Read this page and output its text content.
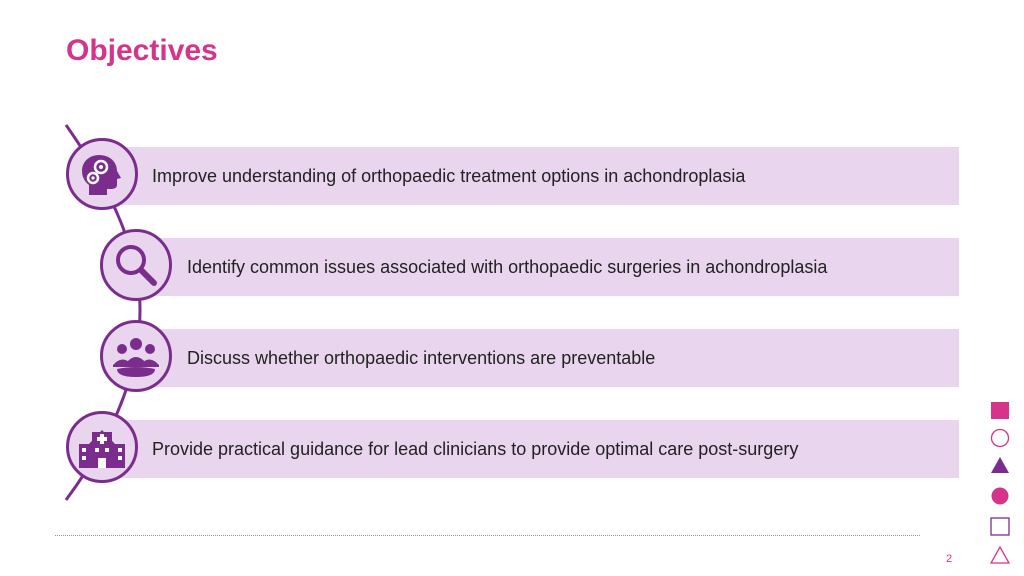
Objectives
Improve understanding of orthopaedic treatment options in achondroplasia
Identify common issues associated with orthopaedic surgeries in achondroplasia
Discuss whether orthopaedic interventions are preventable
Provide practical guidance for lead clinicians to provide optimal care post-surgery
2
